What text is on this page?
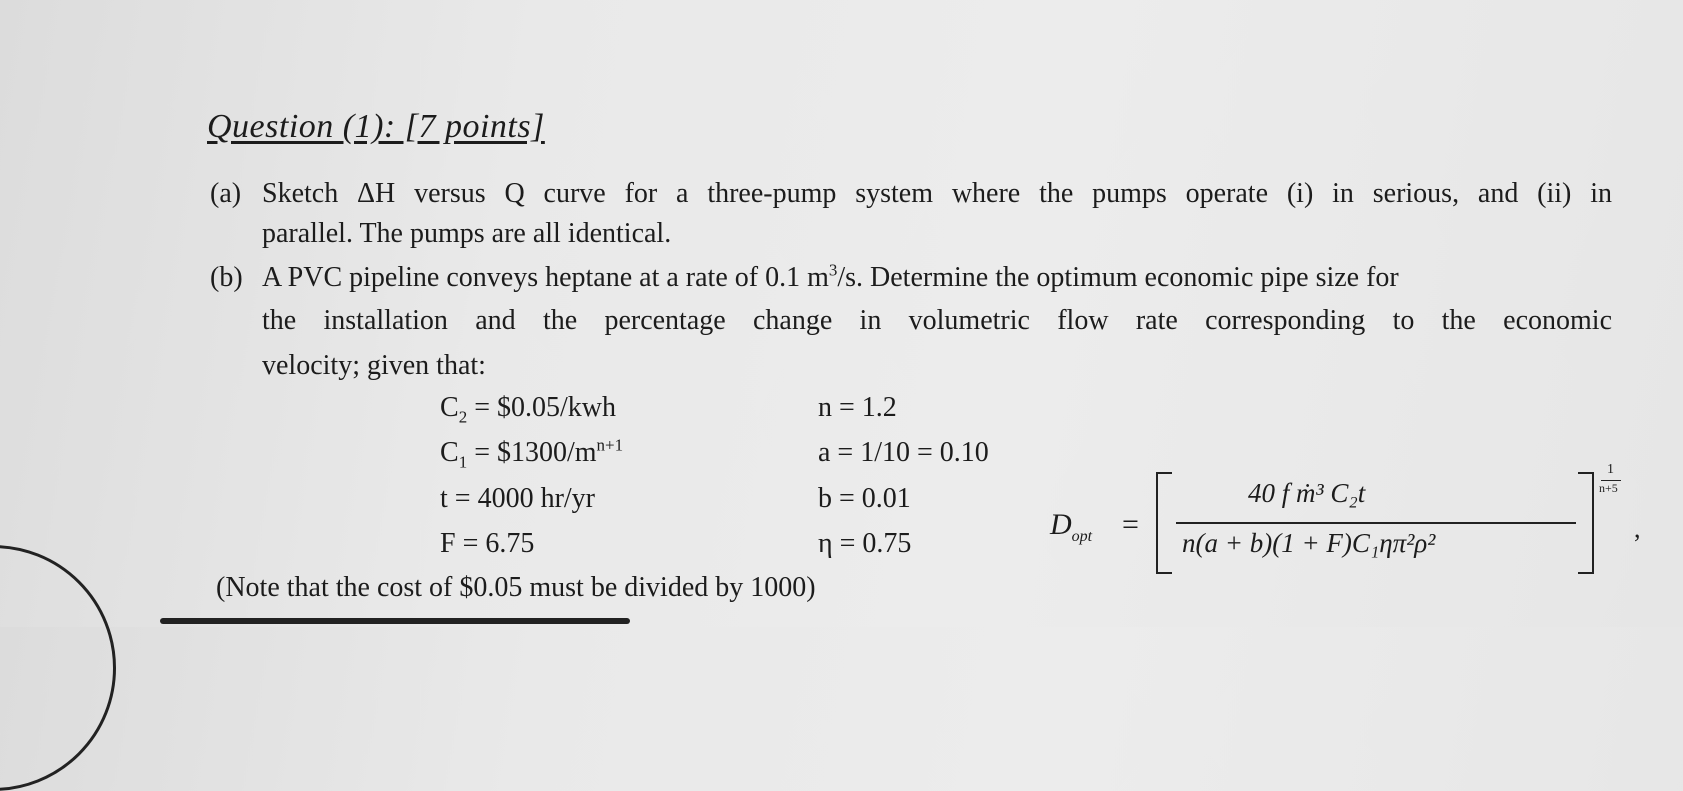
Question (1): [7 points]
(a) Sketch ΔH versus Q curve for a three-pump system where the pumps operate (i) in serious, and (ii) in
parallel. The pumps are all identical.
(b) A PVC pipeline conveys heptane at a rate of 0.1 $m^3/s$. Determine the optimum economic pipe size for
the installation and the percentage change in volumetric flow rate corresponding to the economic
velocity; given that:
$C_2$ = $0.05/kwh
$C_1$ = $\$1300/m^{n+1}$
t = 4000 hr/yr
F = 6.75
n = 1.2
a = 1/10 = 0.10
b = 0.01
η = 0.75
(Note that the cost of $0.05 must be divided by 1000)
$D_{opt}$ =
40 f ṁ³ C₂t
n(a + b)(1 + F)C₁ηπ²ρ²
1
n+5
,
